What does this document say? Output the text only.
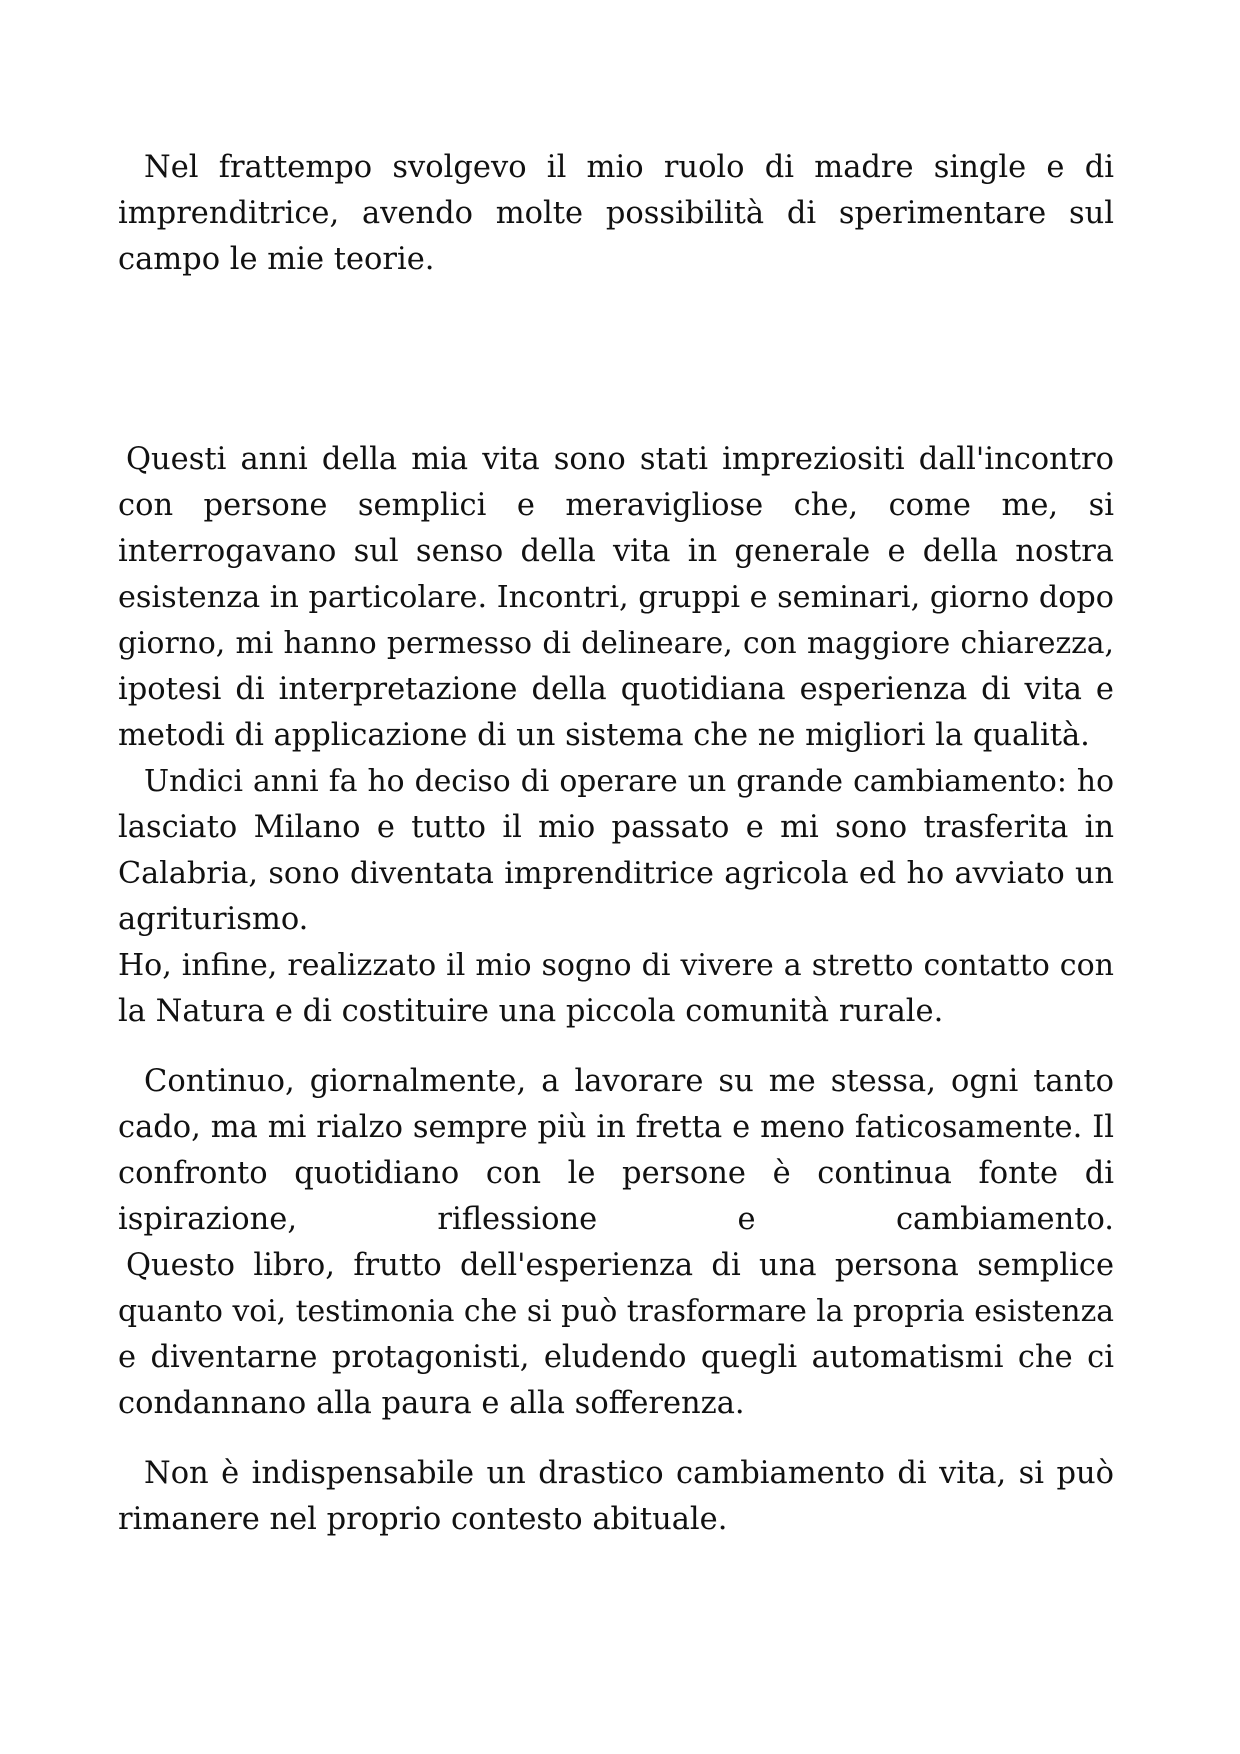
Nel frattempo svolgevo il mio ruolo di madre single e di
imprenditrice, avendo molte possibilità di sperimentare sul
campo le mie teorie.
Questi anni della mia vita sono stati impreziositi dall'incontro
con persone semplici e meravigliose che, come me, si
interrogavano sul senso della vita in generale e della nostra
esistenza in particolare. Incontri, gruppi e seminari, giorno dopo
giorno, mi hanno permesso di delineare, con maggiore chiarezza,
ipotesi di interpretazione della quotidiana esperienza di vita e
metodi di applicazione di un sistema che ne migliori la qualità.
Undici anni fa ho deciso di operare un grande cambiamento: ho
lasciato Milano e tutto il mio passato e mi sono trasferita in
Calabria, sono diventata imprenditrice agricola ed ho avviato un
agriturismo.
Ho, infine, realizzato il mio sogno di vivere a stretto contatto con
la Natura e di costituire una piccola comunità rurale.
Continuo, giornalmente, a lavorare su me stessa, ogni tanto
cado, ma mi rialzo sempre più in fretta e meno faticosamente. Il
confronto quotidiano con le persone è continua fonte di
ispirazione, riflessione e cambiamento.
Questo libro, frutto dell'esperienza di una persona semplice
quanto voi, testimonia che si può trasformare la propria esistenza
e diventarne protagonisti, eludendo quegli automatismi che ci
condannano alla paura e alla sofferenza.
Non è indispensabile un drastico cambiamento di vita, si può
rimanere nel proprio contesto abituale.
